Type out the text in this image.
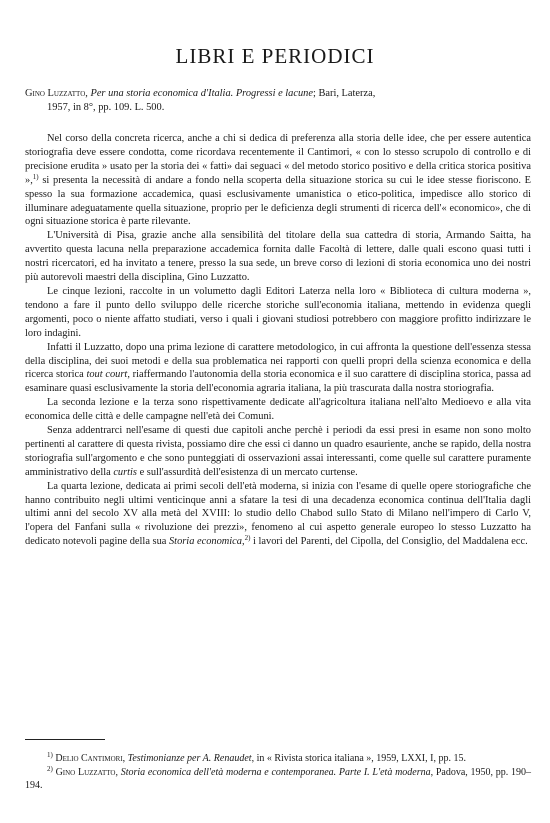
LIBRI E PERIODICI
Gino Luzzatto, Per una storia economica d'Italia. Progressi e lacune; Bari, Laterza,
1957, in 8°, pp. 109. L. 500.

Nel corso della concreta ricerca, anche a chi si dedica di preferenza alla storia delle idee, che per essere autentica storiografia deve essere condotta, come ricordava recentemente il Cantimori, « con lo stesso scrupolo di controllo e di precisione erudita » usato per la storia dei « fatti» dai seguaci « del metodo storico positivo e della critica storica positiva »,$^{1)}$ si presenta la necessità di andare a fondo nella scoperta della situazione storica su cui le idee stesse fioriscono. E spesso la sua formazione accademica, quasi esclusivamente umanistica o etico-politica, impedisce allo storico di illuminare adeguatamente quella situazione, proprio per le deficienza degli strumenti di ricerca dell'« economico», che di ogni situazione storica è parte rilevante.

L'Università di Pisa, grazie anche alla sensibilità del titolare della sua cattedra di storia, Armando Saitta, ha avvertito questa lacuna nella preparazione accademica fornita dalle Facoltà di lettere, dalle quali escono quasi tutti i nostri ricercatori, ed ha invitato a tenere, presso la sua sede, un breve corso di lezioni di storia economica uno dei nostri più autorevoli maestri della disciplina, Gino Luzzatto.

Le cinque lezioni, raccolte in un volumetto dagli Editori Laterza nella loro « Biblioteca di cultura moderna », tendono a fare il punto dello sviluppo delle ricerche storiche sull'economia italiana, mettendo in evidenza quegli argomenti, poco o niente affatto studiati, verso i quali i giovani studiosi potrebbero con maggiore profitto indirizzare le loro indagini.

Infatti il Luzzatto, dopo una prima lezione di carattere metodologico, in cui affronta la questione dell'essenza stessa della disciplina, dei suoi metodi e della sua problematica nei rapporti con quelli propri della scienza economica e della ricerca storica tout court, riaffermando l'autonomia della storia economica e il suo carattere di disciplina storica, passa ad esaminare quasi esclusivamente la storia dell'economia agraria italiana, la più trascurata dalla nostra storiografia.

La seconda lezione e la terza sono rispettivamente dedicate all'agricoltura italiana nell'alto Medioevo e alla vita economica delle città e delle campagne nell'età dei Comuni.

Senza addentrarci nell'esame di questi due capitoli anche perchè i periodi da essi presi in esame non sono molto pertinenti al carattere di questa rivista, possiamo dire che essi ci danno un quadro esauriente, anche se rapido, della nostra storiografia sull'argomento e che sono punteggiati di osservazioni assai interessanti, come quelle sul carattere puramente amministrativo della curtis e sull'assurdità dell'esistenza di un mercato curtense.

La quarta lezione, dedicata ai primi secoli dell'età moderna, si inizia con l'esame di quelle opere storiografiche che hanno contribuito negli ultimi venticinque anni a sfatare la tesi di una decadenza economica continua dell'Italia dagli ultimi anni del secolo XV alla metà del XVIII: lo studio dello Chabod sullo Stato di Milano nell'impero di Carlo V, l'opera del Fanfani sulla « rivoluzione dei prezzi», fenomeno al cui aspetto generale europeo lo stesso Luzzatto ha dedicato notevoli pagine della sua Storia economica,$^{2)}$ i lavori del Parenti, del Cipolla, del Consiglio, del Maddalena ecc.

$^{1)}$ Delio Cantimori, Testimonianze per A. Renaudet, in « Rivista storica italiana », 1959, LXXI, I, pp. 15.

$^{2)}$ Gino Luzzatto, Storia economica dell'età moderna e contemporanea. Parte I. L'età moderna, Padova, 1950, pp. 190–194.
